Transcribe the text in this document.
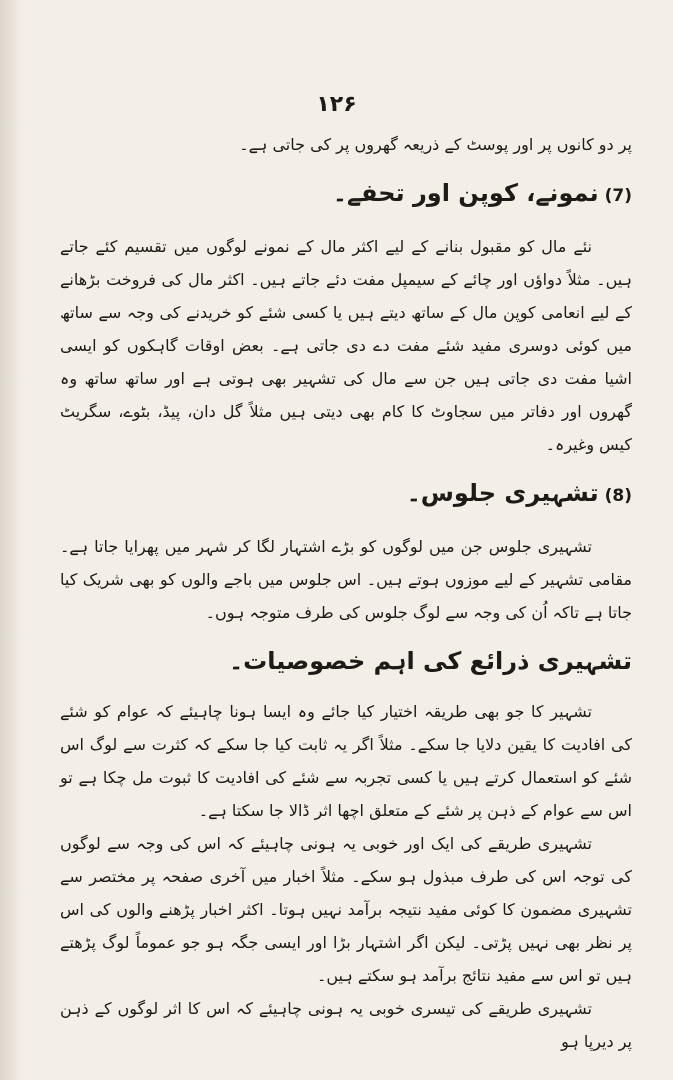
۱۲۶

پر دو کانوں پر اور پوسٹ کے ذریعہ گھروں پر کی جاتی ہے۔

(7)نمونے، کوپن اور تحفے۔

نئے مال کو مقبول بنانے کے لیے اکثر مال کے نمونے لوگوں میں تقسیم کئے جاتے ہیں۔ مثلاً دواؤں اور چائے کے سیمپل مفت دئے جاتے ہیں۔ اکثر مال کی فروخت بڑھانے کے لیے انعامی کوپن مال کے ساتھ دیتے ہیں یا کسی شئے کو خریدنے کی وجہ سے ساتھ میں کوئی دوسری مفید شئے مفت دے دی جاتی ہے۔ بعض اوقات گاہکوں کو ایسی اشیا مفت دی جاتی ہیں جن سے مال کی تشہیر بھی ہوتی ہے اور ساتھ ساتھ وہ گھروں اور دفاتر میں سجاوٹ کا کام بھی دیتی ہیں مثلاً گل دان، پیڈ، بٹوے، سگریٹ کیس وغیرہ۔

(8)تشہیری جلوس۔

تشہیری جلوس جن میں لوگوں کو بڑے اشتہار لگا کر شہر میں پھرایا جاتا ہے۔ مقامی تشہیر کے لیے موزوں ہوتے ہیں۔ اس جلوس میں باجے والوں کو بھی شریک کیا جاتا ہے تاکہ اُن کی وجہ سے لوگ جلوس کی طرف متوجہ ہوں۔

تشہیری ذرائع کی اہم خصوصیات۔

تشہیر کا جو بھی طریقہ اختیار کیا جائے وہ ایسا ہونا چاہیئے کہ عوام کو شئے کی افادیت کا یقین دلایا جا سکے۔ مثلاً اگر یہ ثابت کیا جا سکے کہ کثرت سے لوگ اس شئے کو استعمال کرتے ہیں یا کسی تجربہ سے شئے کی افادیت کا ثبوت مل چکا ہے تو اس سے عوام کے ذہن پر شئے کے متعلق اچھا اثر ڈالا جا سکتا ہے۔

تشہیری طریقے کی ایک اور خوبی یہ ہونی چاہیئے کہ اس کی وجہ سے لوگوں کی توجہ اس کی طرف مبذول ہو سکے۔ مثلاً اخبار میں آخری صفحہ پر مختصر سے تشہیری مضمون کا کوئی مفید نتیجہ برآمد نہیں ہوتا۔ اکثر اخبار پڑھنے والوں کی اس پر نظر بھی نہیں پڑتی۔ لیکن اگر اشتہار بڑا اور ایسی جگہ ہو جو عموماً لوگ پڑھتے ہیں تو اس سے مفید نتائج برآمد ہو سکتے ہیں۔

تشہیری طریقے کی تیسری خوبی یہ ہونی چاہیئے کہ اس کا اثر لوگوں کے ذہن پر دیرپا ہو
